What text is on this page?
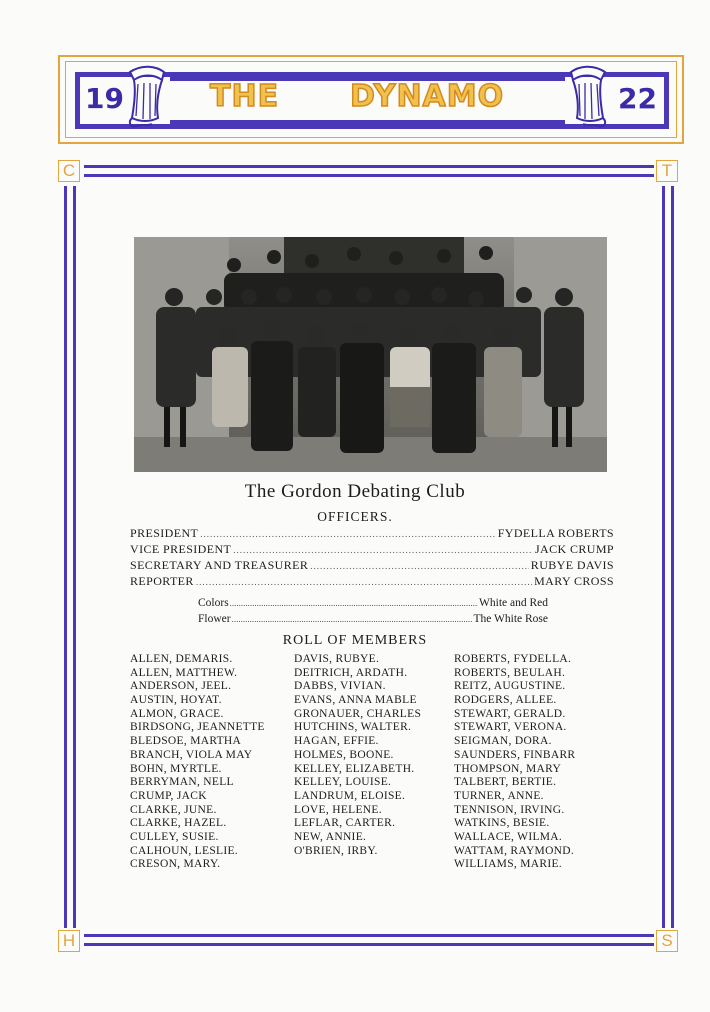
19	22
THE DYNAMO
C	T
H	S
The Gordon Debating Club
OFFICERS.
PRESIDENT .....	FYDELLA ROBERTS
VICE PRESIDENT .....	JACK CRUMP
SECRETARY AND TREASURER .....	RUBYE DAVIS
REPORTER .....	MARY CROSS
Colors .....	White and Red
Flower .....	The White Rose
ROLL OF MEMBERS
ALLEN, DEMARIS.
ALLEN, MATTHEW.
ANDERSON, JEEL.
AUSTIN, HOYAT.
ALMON, GRACE.
BIRDSONG, JEANNETTE
BLEDSOE, MARTHA
BRANCH, VIOLA MAY
BOHN, MYRTLE.
BERRYMAN, NELL
CRUMP, JACK
CLARKE, JUNE.
CLARKE, HAZEL.
CULLEY, SUSIE.
CALHOUN, LESLIE.
CRESON, MARY.
DAVIS, RUBYE.
DEITRICH, ARDATH.
DABBS, VIVIAN.
EVANS, ANNA MABLE
GRONAUER, CHARLES
HUTCHINS, WALTER.
HAGAN, EFFIE.
HOLMES, BOONE.
KELLEY, ELIZABETH.
KELLEY, LOUISE.
LANDRUM, ELOISE.
LOVE, HELENE.
LEFLAR, CARTER.
NEW, ANNIE.
O'BRIEN, IRBY.
ROBERTS, FYDELLA.
ROBERTS, BEULAH.
REITZ, AUGUSTINE.
RODGERS, ALLEE.
STEWART, GERALD.
STEWART, VERONA.
SEIGMAN, DORA.
SAUNDERS, FINBARR
THOMPSON, MARY
TALBERT, BERTIE.
TURNER, ANNE.
TENNISON, IRVING.
WATKINS, BESIE.
WALLACE, WILMA.
WATTAM, RAYMOND.
WILLIAMS, MARIE.
